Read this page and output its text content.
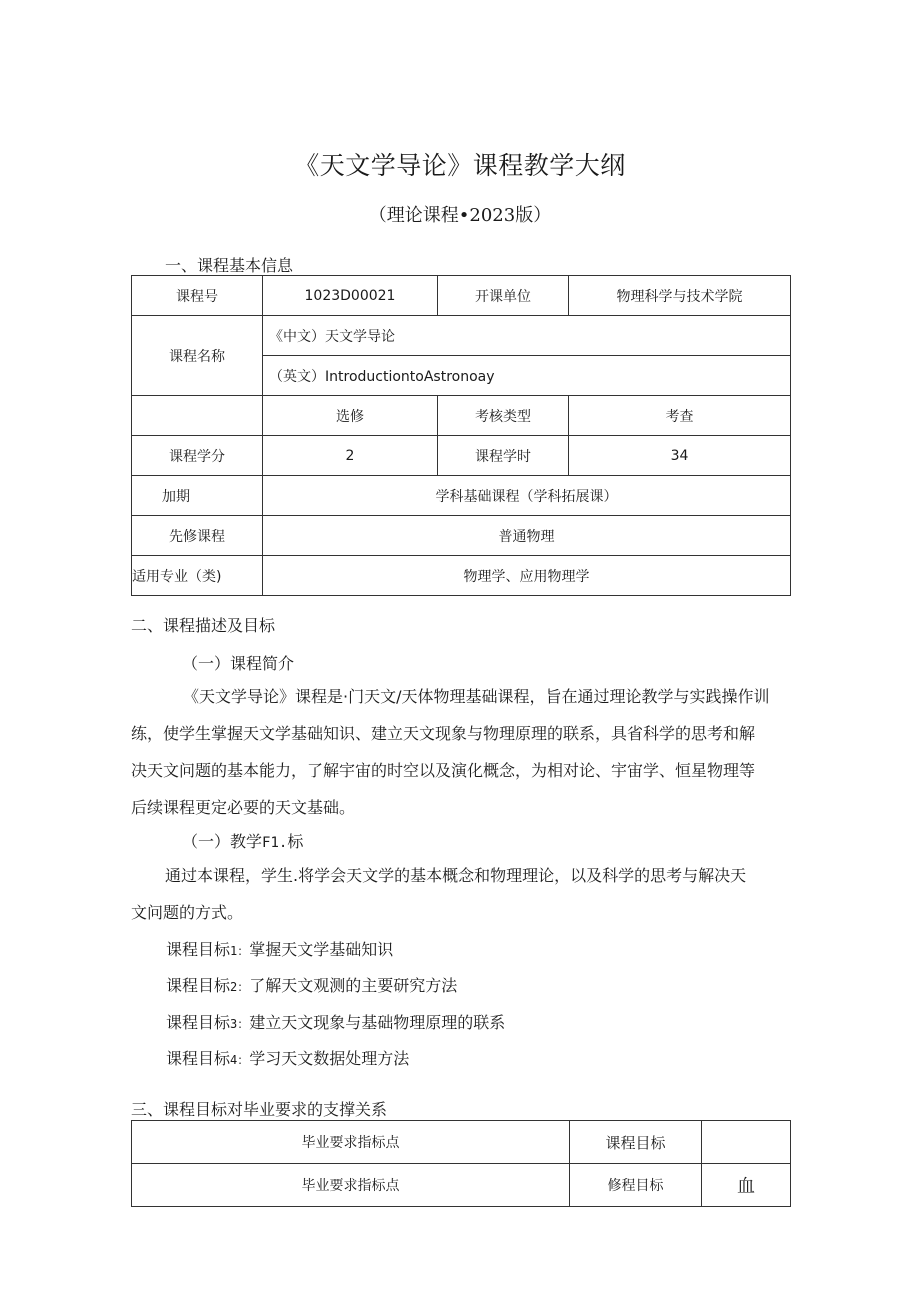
《天文学导论》课程教学大纲
（理论课程•2023版）
一、课程基本信息
课程号	1023D00021	开课单位	物理科学与技术学院
课程名称	《中文）天文学导论		
	（英文）IntroductiontoAstronoay		
	选修	考核类型	考查
课程学分	2	课程学时	34
加期	学科基础课程（学科拓展课）		
先修课程	普通物理		
适用专业（类)	物理学、应用物理学		
二、课程描述及目标
（一）课程简介
《天文学导论》课程是·门天文/天体物理基础课程，旨在通过理论教学与实践操作训
练，使学生掌握天文学基础知识、建立天文现象与物理原理的联系，具省科学的思考和解
决天文问题的基本能力，了解宇宙的时空以及演化概念，为相对论、宇宙学、恒星物理等
后续课程更定必要的天文基础。
（一）教学F1.标
通过本课程，学生.将学会天文学的基本概念和物理理论，以及科学的思考与解决天
文问题的方式。
课程目标1：掌握天文学基础知识
课程目标2：了解天文观测的主要研究方法
课程目标3：建立天文现象与基础物理原理的联系
课程目标4：学习天文数据处理方法
三、课程目标对毕业要求的支撑关系
毕业要求指标点	课程目标	
毕业要求指标点	修程目标	血
